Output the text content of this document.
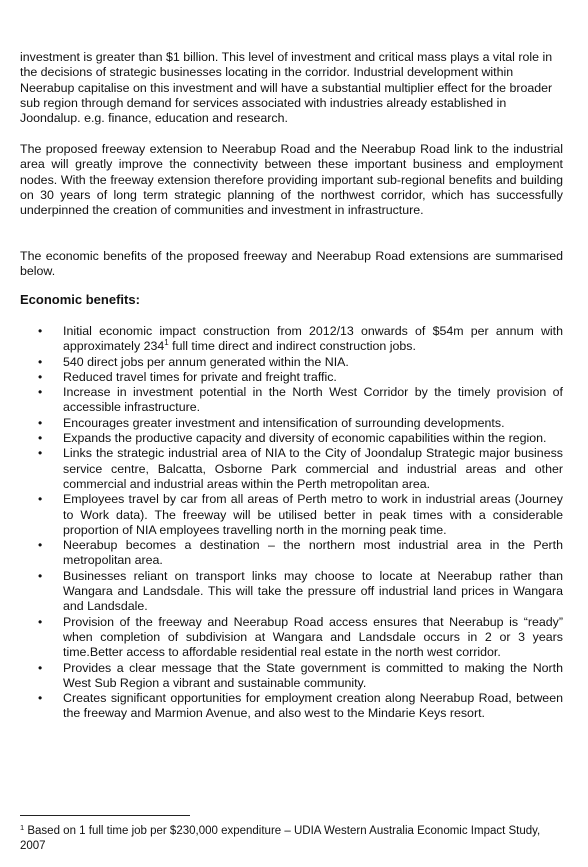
investment is greater than $1 billion. This level of investment and critical mass plays a vital role in the decisions of strategic businesses locating in the corridor. Industrial development within Neerabup capitalise on this investment and will have a substantial multiplier effect for the broader sub region through demand for services associated with industries already established in Joondalup. e.g. finance, education and research.

The proposed freeway extension to Neerabup Road and the Neerabup Road link to the industrial area will greatly improve the connectivity between these important business and employment nodes. With the freeway extension therefore providing important sub-regional benefits and building on 30 years of long term strategic planning of the northwest corridor, which has successfully underpinned the creation of communities and investment in infrastructure.

The economic benefits of the proposed freeway and Neerabup Road extensions are summarised below.

Economic benefits:

• Initial economic impact construction from 2012/13 onwards of $54m per annum with approximately $234^1$ full time direct and indirect construction jobs.
• 540 direct jobs per annum generated within the NIA.
• Reduced travel times for private and freight traffic.
• Increase in investment potential in the North West Corridor by the timely provision of accessible infrastructure.
• Encourages greater investment and intensification of surrounding developments.
• Expands the productive capacity and diversity of economic capabilities within the region.
• Links the strategic industrial area of NIA to the City of Joondalup Strategic major business service centre, Balcatta, Osborne Park commercial and industrial areas and other commercial and industrial areas within the Perth metropolitan area.
• Employees travel by car from all areas of Perth metro to work in industrial areas (Journey to Work data). The freeway will be utilised better in peak times with a considerable proportion of NIA employees travelling north in the morning peak time.
• Neerabup becomes a destination – the northern most industrial area in the Perth metropolitan area.
• Businesses reliant on transport links may choose to locate at Neerabup rather than Wangara and Landsdale. This will take the pressure off industrial land prices in Wangara and Landsdale.
• Provision of the freeway and Neerabup Road access ensures that Neerabup is “ready” when completion of subdivision at Wangara and Landsdale occurs in 2 or 3 years time.Better access to affordable residential real estate in the north west corridor.
• Provides a clear message that the State government is committed to making the North West Sub Region a vibrant and sustainable community.
• Creates significant opportunities for employment creation along Neerabup Road, between the freeway and Marmion Avenue, and also west to the Mindarie Keys resort.

$^1$ Based on 1 full time job per $230,000 expenditure – UDIA Western Australia Economic Impact Study, 2007
